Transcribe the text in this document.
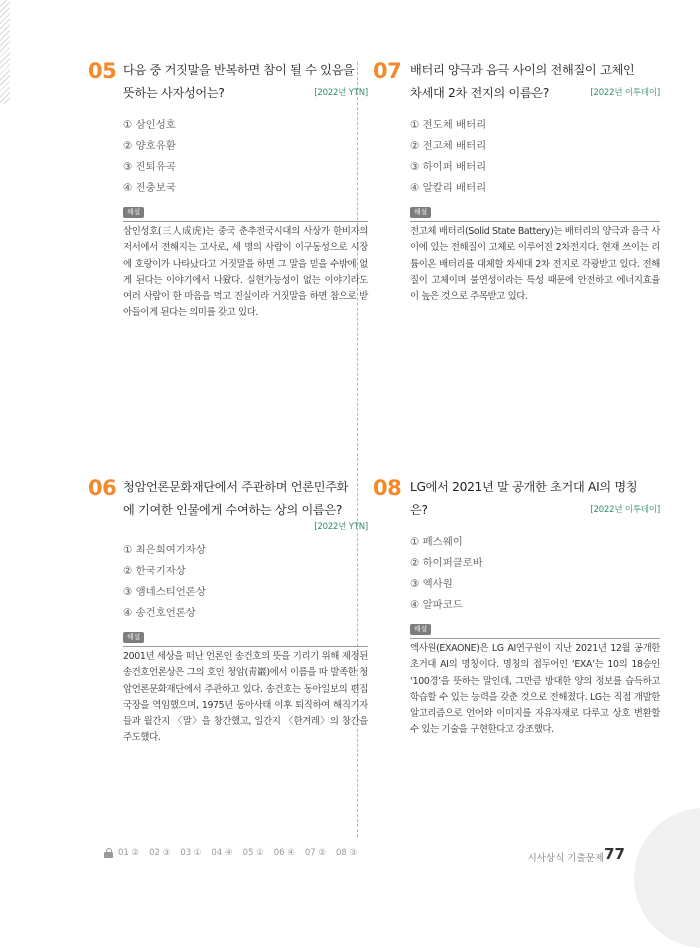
05 다음 중 거짓말을 반복하면 참이 될 수 있음을
뜻하는 사자성어는?	[2022년 YTN]
① 삼인성호
② 양호유환
③ 진퇴유곡
④ 진충보국
해설
삼인성호(三人成虎)는 중국 춘추전국시대의 사상가 한비자의 저서에서 전해지는 고사로, 세 명의 사람이 이구동성으로 시장에 호랑이가 나타났다고 거짓말을 하면 그 말을 믿을 수밖에 없게 된다는 이야기에서 나왔다. 실현가능성이 없는 이야기라도 여러 사람이 한 마음을 먹고 진실이라 거짓말을 하면 참으로 받아들이게 된다는 의미를 갖고 있다.
07 배터리 양극과 음극 사이의 전해질이 고체인
차세대 2차 전지의 이름은?	[2022년 이투데이]
① 전도체 배터리
② 전고체 배터리
③ 하이퍼 배터리
④ 알칼리 배터리
해설
전고체 배터리(Solid State Battery)는 배터리의 양극과 음극 사이에 있는 전해질이 고체로 이루어진 2차전지다. 현재 쓰이는 리튬이온 배터리를 대체할 차세대 2차 전지로 각광받고 있다. 전해질이 고체이며 불연성이라는 특성 때문에 안전하고 에너지효율이 높은 것으로 주목받고 있다.
06 청암언론문화재단에서 주관하며 언론민주화
에 기여한 인물에게 수여하는 상의 이름은?
[2022년 YTN]
① 최은희여기자상
② 한국기자상
③ 앰네스티언론상
④ 송건호언론상
해설
2001년 세상을 떠난 언론인 송건호의 뜻을 기리기 위해 제정된 송건호언론상은 그의 호인 청암(靑巖)에서 이름을 따 발족한 청암언론문화재단에서 주관하고 있다. 송건호는 동아일보의 편집국장을 역임했으며, 1975년 동아사태 이후 퇴직하여 해직기자들과 월간지 〈말〉을 창간했고, 일간지 〈한겨레〉의 창간을 주도했다.
08 LG에서 2021년 말 공개한 초거대 AI의 명칭
은?	[2022년 이투데이]
① 페스웨이
② 하이퍼클로바
③ 엑사원
④ 알파코드
해설
엑사원(EXAONE)은 LG AI연구원이 지난 2021년 12월 공개한 초거대 AI의 명칭이다. 명칭의 접두어인 ‘EXA’는 10의 18승인 ‘100경’을 뜻하는 말인데, 그만큼 방대한 양의 정보를 습득하고 학습할 수 있는 능력을 갖춘 것으로 전해졌다. LG는 직접 개발한 알고리즘으로 언어와 이미지를 자유자재로 다루고 상호 변환할 수 있는 기술을 구현한다고 강조했다.
01 ② 02 ③ 03 ① 04 ④ 05 ① 06 ④ 07 ② 08 ③	시사상식 기출문제 77
